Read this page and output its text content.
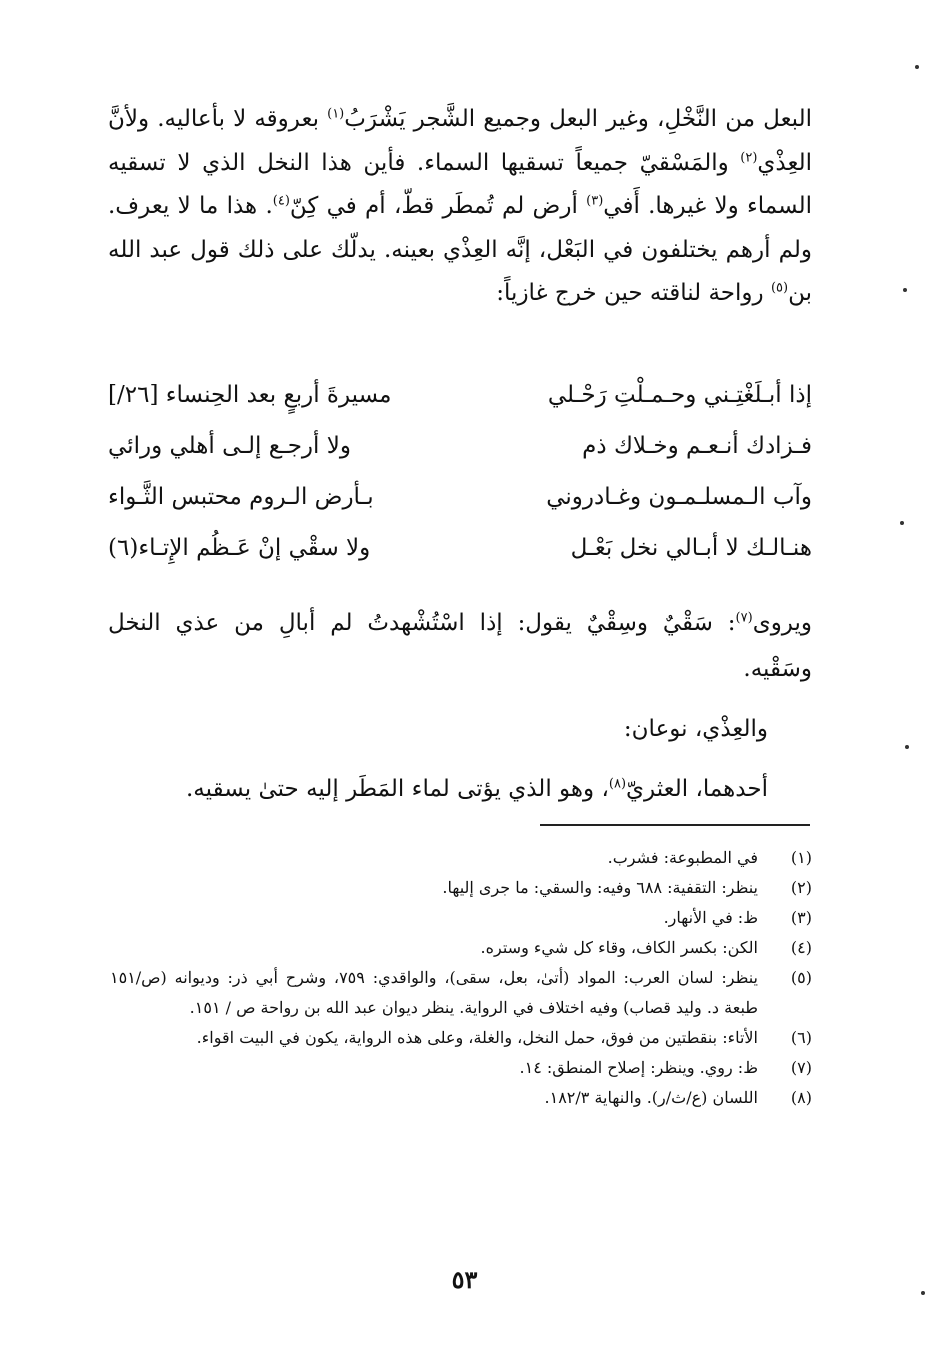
البعل من النَّخْلِ، وغير البعل وجميع الشَّجر يَشْرَبُ$^{(١)}$ بعروقه لا بأعاليه. ولأنَّ العِذْي$^{(٢)}$ والمَسْقيّ جميعاً تسقيها السماء. فأين هذا النخل الذي لا تسقيه السماء ولا غيرها. أَفي$^{(٣)}$ أرض لم تُمطَر قطّ، أم في كِنّ$^{(٤)}$. هذا ما لا يعرف. ولم أرهم يختلفون في البَعْل، إنَّه العِذْي بعينه. يدلّك على ذلك قول عبد الله بن$^{(٥)}$ رواحة لناقته حين خرج غازياً:

إذا أبـلَغْتِـني وحـمـلْتِ رَحْـلي
مسيرةَ أربعٍ بعد الحِنساء [٢٦/]
فـزادك أنـعـم وخـلاك ذم
ولا أرجـع إلـى أهلي ورائي
وآب الـمسلـمـون وغـادروني
بـأرض الـروم محتبس الثَّـواء
هنـالـك لا أبـالي نخل بَعْـل
ولا سقْي إنْ عَـظُم الإِتـاء(٦)

ويروى$^{(٧)}$: سَقْيٌ وسِقْيٌ يقول: إذا اسْتُشْهدتُ لم أبالِ من عذي النخل وسَقْيه.

والعِذْي، نوعان:

أحدهما، العثريّ$^{(٨)}$، وهو الذي يؤتى لماء المَطَر إليه حتىٰ يسقيه.

(١)
في المطبوعة: فشرب.
(٢)
ينظر: التقفية: ٦٨٨ وفيه: والسقي: ما جرى إليها.
(٣)
ظ: في الأنهار.
(٤)
الكن: بكسر الكاف، وقاء كل شيء وستره.
(٥)
ينظر: لسان العرب: المواد (أتىٰ، بعل، سقى)، والواقدي: ٧٥٩، وشرح أبي ذر: وديوانه (ص/١٥١ طبعة د. وليد قصاب) وفيه اختلاف في الرواية. ينظر ديوان عبد الله بن رواحة ص / ١٥١.
(٦)
الأتاء: بنقطتين من فوق، حمل النخل، والغلة، وعلى هذه الرواية، يكون في البيت اقواء.
(٧)
ظ: روي. وينظر: إصلاح المنطق: ١٤.
(٨)
اللسان (ع/ث/ر). والنهاية ١٨٢/٣.
٥٣
